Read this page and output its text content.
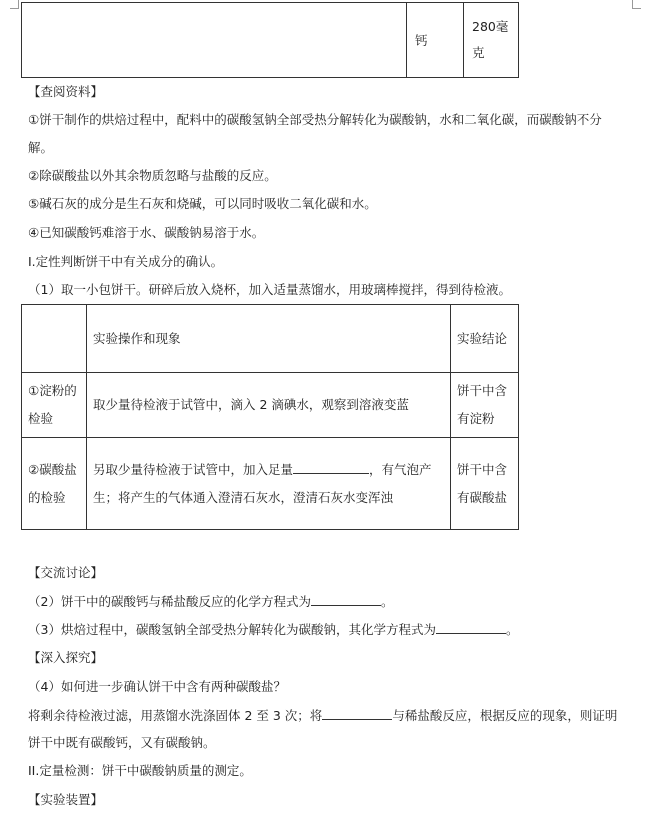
	钙	280毫克
【查阅资料】
①饼干制作的烘焙过程中，配料中的碳酸氢钠全部受热分解转化为碳酸钠，水和二氧化碳，而碳酸钠不分解。
②除碳酸盐以外其余物质忽略与盐酸的反应。
⑤碱石灰的成分是生石灰和烧碱，可以同时吸收二氧化碳和水。
④已知碳酸钙难溶于水、碳酸钠易溶于水。
I.定性判断饼干中有关成分的确认。
（1）取一小包饼干。研碎后放入烧杯，加入适量蒸馏水，用玻璃棒搅拌，得到待检液。
	实验操作和现象	实验结论
①淀粉的检验	取少量待检液于试管中，滴入 2 滴碘水，观察到溶液变蓝	饼干中含有淀粉
②碳酸盐的检验	另取少量待检液于试管中，加入足量 ，有气泡产生；将产生的气体通入澄清石灰水，澄清石灰水变浑浊	饼干中含有碳酸盐
【交流讨论】
（2）饼干中的碳酸钙与稀盐酸反应的化学方程式为	。
（3）烘焙过程中，碳酸氢钠全部受热分解转化为碳酸钠，其化学方程式为	。
【深入探究】
（4）如何进一步确认饼干中含有两种碳酸盐？
将剩余待检液过滤，用蒸馏水洗涤固体 2 至 3 次；将	与稀盐酸反应，根据反应的现象，则证明
饼干中既有碳酸钙，又有碳酸钠。
II.定量检测：饼干中碳酸钠质量的测定。
【实验装置】
